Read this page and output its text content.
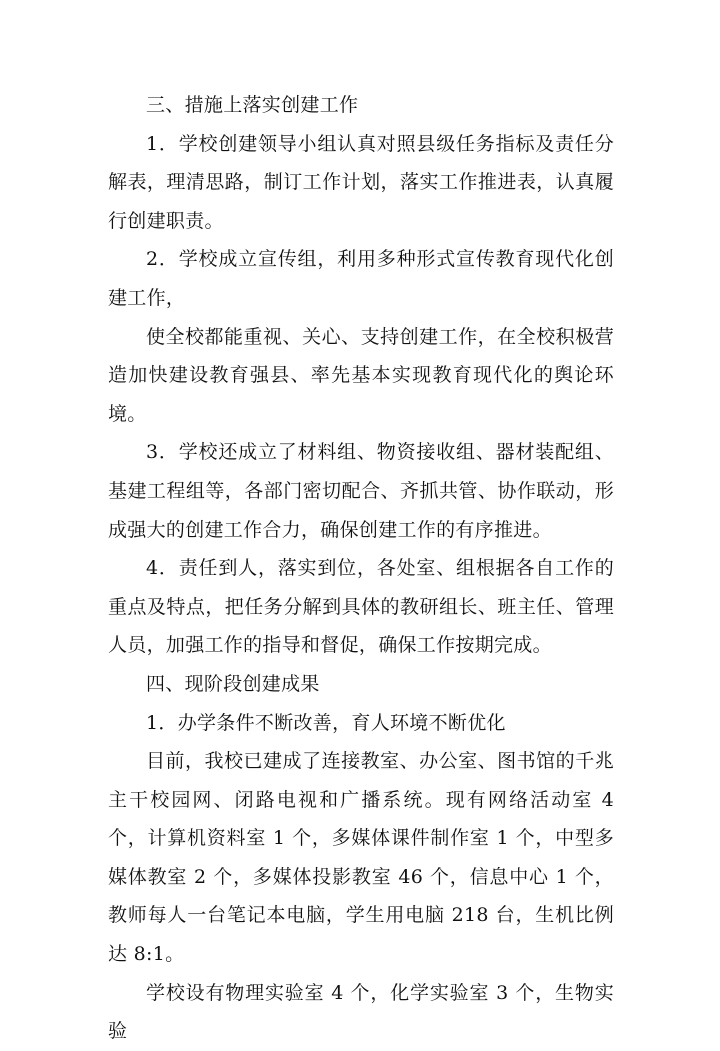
三、措施上落实创建工作

1．学校创建领导小组认真对照县级任务指标及责任分解表，理清思路，制订工作计划，落实工作推进表，认真履行创建职责。

2．学校成立宣传组，利用多种形式宣传教育现代化创建工作，

使全校都能重视、关心、支持创建工作，在全校积极营造加快建设教育强县、率先基本实现教育现代化的舆论环境。

3．学校还成立了材料组、物资接收组、器材装配组、基建工程组等，各部门密切配合、齐抓共管、协作联动，形成强大的创建工作合力，确保创建工作的有序推进。

4．责任到人，落实到位，各处室、组根据各自工作的重点及特点，把任务分解到具体的教研组长、班主任、管理人员，加强工作的指导和督促，确保工作按期完成。

四、现阶段创建成果

1．办学条件不断改善，育人环境不断优化

目前，我校已建成了连接教室、办公室、图书馆的千兆主干校园网、闭路电视和广播系统。现有网络活动室 4 个，计算机资料室 1 个，多媒体课件制作室 1 个，中型多媒体教室 2 个，多媒体投影教室 46 个，信息中心 1 个，教师每人一台笔记本电脑，学生用电脑 218 台，生机比例达 8:1。

学校设有物理实验室 4 个，化学实验室 3 个，生物实验
